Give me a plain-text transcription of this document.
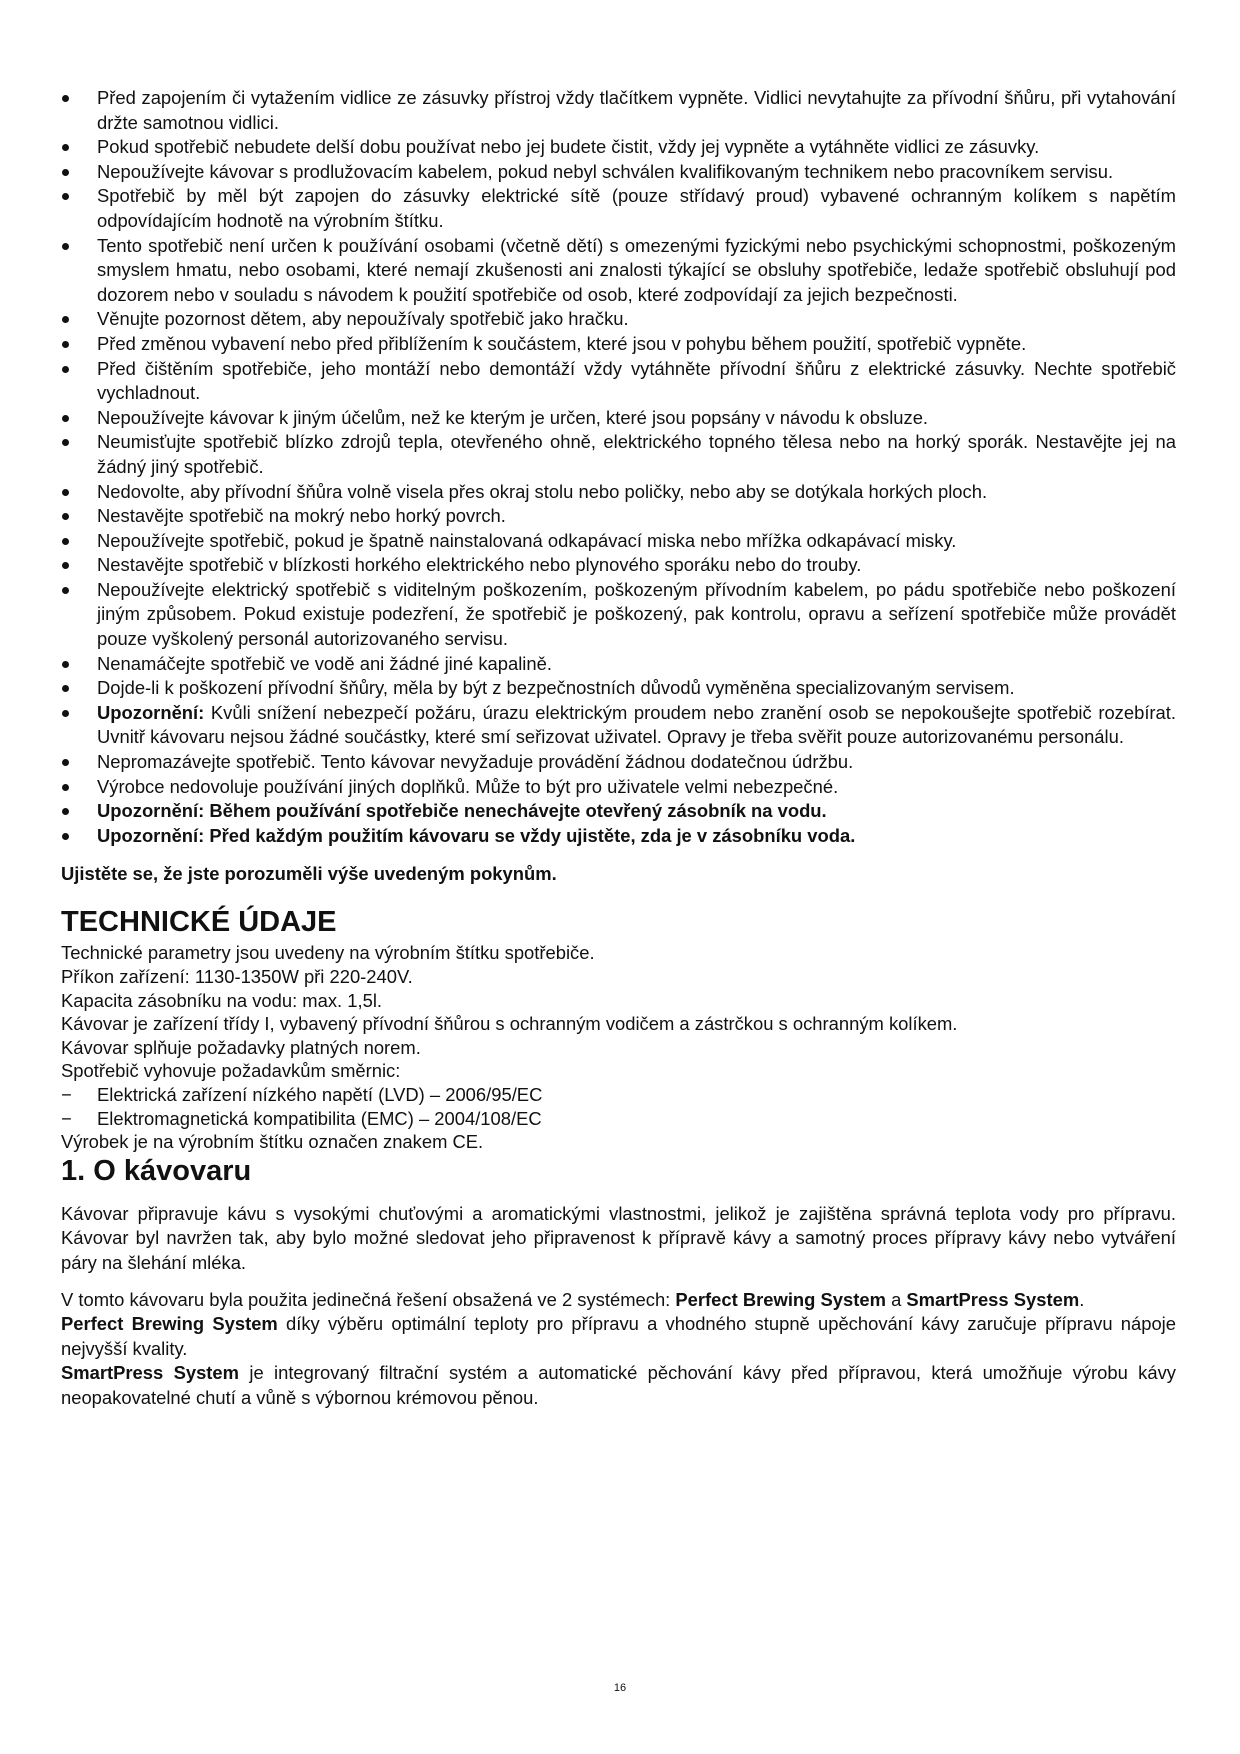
Před zapojením či vytažením vidlice ze zásuvky přístroj vždy tlačítkem vypněte. Vidlici nevytahujte za přívodní šňůru, při vytahování držte samotnou vidlici.
Pokud spotřebič nebudete delší dobu používat nebo jej budete čistit, vždy jej vypněte a vytáhněte vidlici ze zásuvky.
Nepoužívejte kávovar s prodlužovacím kabelem, pokud nebyl schválen kvalifikovaným technikem nebo pracovníkem servisu.
Spotřebič by měl být zapojen do zásuvky elektrické sítě (pouze střídavý proud) vybavené ochranným kolíkem s napětím odpovídajícím hodnotě na výrobním štítku.
Tento spotřebič není určen k používání osobami (včetně dětí) s omezenými fyzickými nebo psychickými schopnostmi, poškozeným smyslem hmatu, nebo osobami, které nemají zkušenosti ani znalosti týkající se obsluhy spotřebiče, ledaže spotřebič obsluhují pod dozorem nebo v souladu s návodem k použití spotřebiče od osob, které zodpovídají za jejich bezpečnosti.
Věnujte pozornost dětem, aby nepoužívaly spotřebič jako hračku.
Před změnou vybavení nebo před přiblížením k součástem, které jsou v pohybu během použití, spotřebič vypněte.
Před čištěním spotřebiče, jeho montáží nebo demontáží vždy vytáhněte přívodní šňůru z elektrické zásuvky. Nechte spotřebič vychladnout.
Nepoužívejte kávovar k jiným účelům, než ke kterým je určen, které jsou popsány v návodu k obsluze.
Neumisťujte spotřebič blízko zdrojů tepla, otevřeného ohně, elektrického topného tělesa nebo na horký sporák. Nestavějte jej na žádný jiný spotřebič.
Nedovolte, aby přívodní šňůra volně visela přes okraj stolu nebo poličky, nebo aby se dotýkala horkých ploch.
Nestavějte spotřebič na mokrý nebo horký povrch.
Nepoužívejte spotřebič, pokud je špatně nainstalovaná odkapávací miska nebo mřížka odkapávací misky.
Nestavějte spotřebič v blízkosti horkého elektrického nebo plynového sporáku nebo do trouby.
Nepoužívejte elektrický spotřebič s viditelným poškozením, poškozeným přívodním kabelem, po pádu spotřebiče nebo poškození jiným způsobem. Pokud existuje podezření, že spotřebič je poškozený, pak kontrolu, opravu a seřízení spotřebiče může provádět pouze vyškolený personál autorizovaného servisu.
Nenamáčejte spotřebič ve vodě ani žádné jiné kapalině.
Dojde-li k poškození přívodní šňůry, měla by být z bezpečnostních důvodů vyměněna specializovaným servisem.
Upozornění: Kvůli snížení nebezpečí požáru, úrazu elektrickým proudem nebo zranění osob se nepokoušejte spotřebič rozebírat. Uvnitř kávovaru nejsou žádné součástky, které smí seřizovat uživatel. Opravy je třeba svěřit pouze autorizovanému personálu.
Nepromazávejte spotřebič. Tento kávovar nevyžaduje provádění žádnou dodatečnou údržbu.
Výrobce nedovoluje používání jiných doplňků. Může to být pro uživatele velmi nebezpečné.
Upozornění: Během používání spotřebiče nenechávejte otevřený zásobník na vodu.
Upozornění: Před každým použitím kávovaru se vždy ujistěte, zda je v zásobníku voda.

Ujistěte se, že jste porozuměli výše uvedeným pokynům.

TECHNICKÉ ÚDAJE

Technické parametry jsou uvedeny na výrobním štítku spotřebiče.

Příkon zařízení: 1130-1350W při 220-240V.

Kapacita zásobníku na vodu: max. 1,5l.

Kávovar je zařízení třídy I, vybavený přívodní šňůrou s ochranným vodičem a zástrčkou s ochranným kolíkem.

Kávovar splňuje požadavky platných norem.

Spotřebič vyhovuje požadavkům směrnic:

− Elektrická zařízení nízkého napětí (LVD) – 2006/95/EC
− Elektromagnetická kompatibilita (EMC) – 2004/108/EC

Výrobek je na výrobním štítku označen znakem CE.

1. O kávovaru

Kávovar připravuje kávu s vysokými chuťovými a aromatickými vlastnostmi, jelikož je zajištěna správná teplota vody pro přípravu. Kávovar byl navržen tak, aby bylo možné sledovat jeho připravenost k přípravě kávy a samotný proces přípravy kávy nebo vytváření páry na šlehání mléka.

V tomto kávovaru byla použita jedinečná řešení obsažená ve 2 systémech: Perfect Brewing System a SmartPress System.

Perfect Brewing System díky výběru optimální teploty pro přípravu a vhodného stupně upěchování kávy zaručuje přípravu nápoje nejvyšší kvality.

SmartPress System je integrovaný filtrační systém a automatické pěchování kávy před přípravou, která umožňuje výrobu kávy neopakovatelné chutí a vůně s výbornou krémovou pěnou.

16
